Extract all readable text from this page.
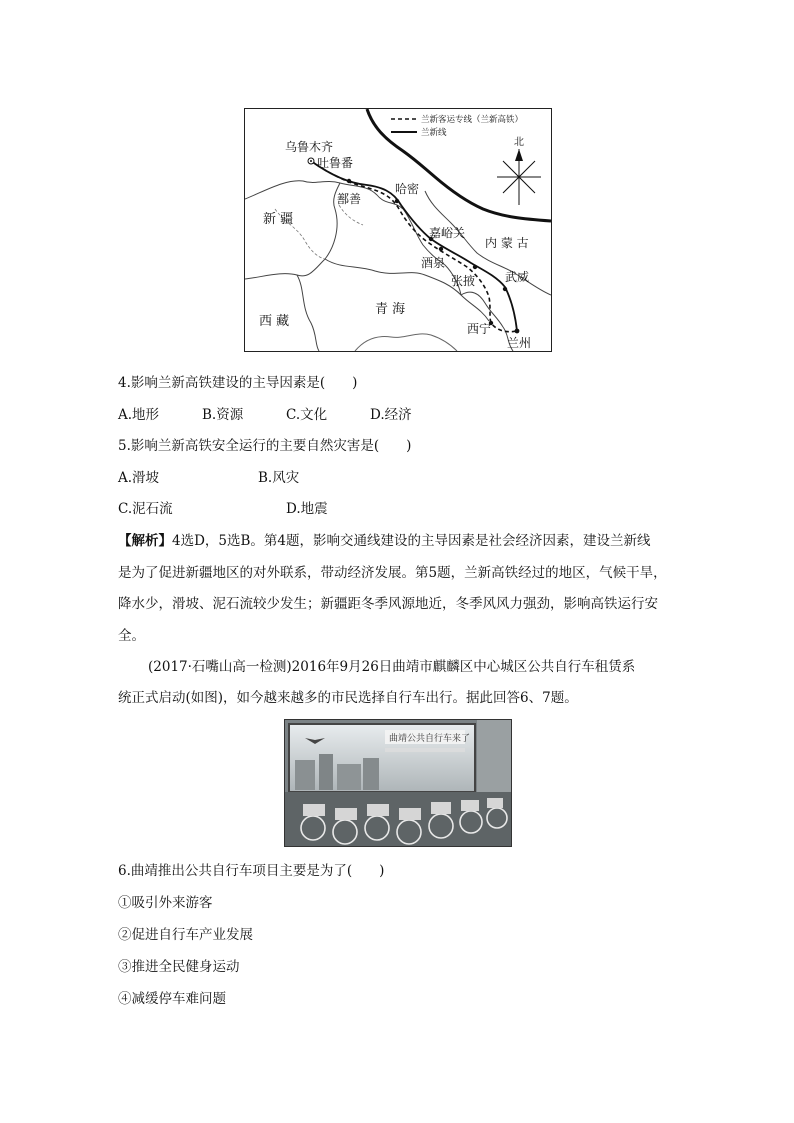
兰新客运专线（兰新高铁）
兰新线
北
乌鲁木齐
吐鲁番
鄯善
哈密
新 疆
嘉峪关
内 蒙 古
酒泉
张掖 武威
青 海
西 藏	西宁
兰州
4.影响兰新高铁建设的主导因素是(　　)
A.地形	B.资源	C.文化	D.经济
5.影响兰新高铁安全运行的主要自然灾害是(　　)
A.滑坡	B.风灾
C.泥石流	D.地震
【解析】4选D，5选B。第4题，影响交通线建设的主导因素是社会经济因素，建设兰新线
是为了促进新疆地区的对外联系，带动经济发展。第5题，兰新高铁经过的地区，气候干旱，
降水少，滑坡、泥石流较少发生；新疆距冬季风源地近，冬季风风力强劲，影响高铁运行安
全。
(2017·石嘴山高一检测)2016年9月26日曲靖市麒麟区中心城区公共自行车租赁系
统正式启动(如图)，如今越来越多的市民选择自行车出行。据此回答6、7题。
曲靖公共自行车来了
6.曲靖推出公共自行车项目主要是为了(　　)
①吸引外来游客
②促进自行车产业发展
③推进全民健身运动
④减缓停车难问题
